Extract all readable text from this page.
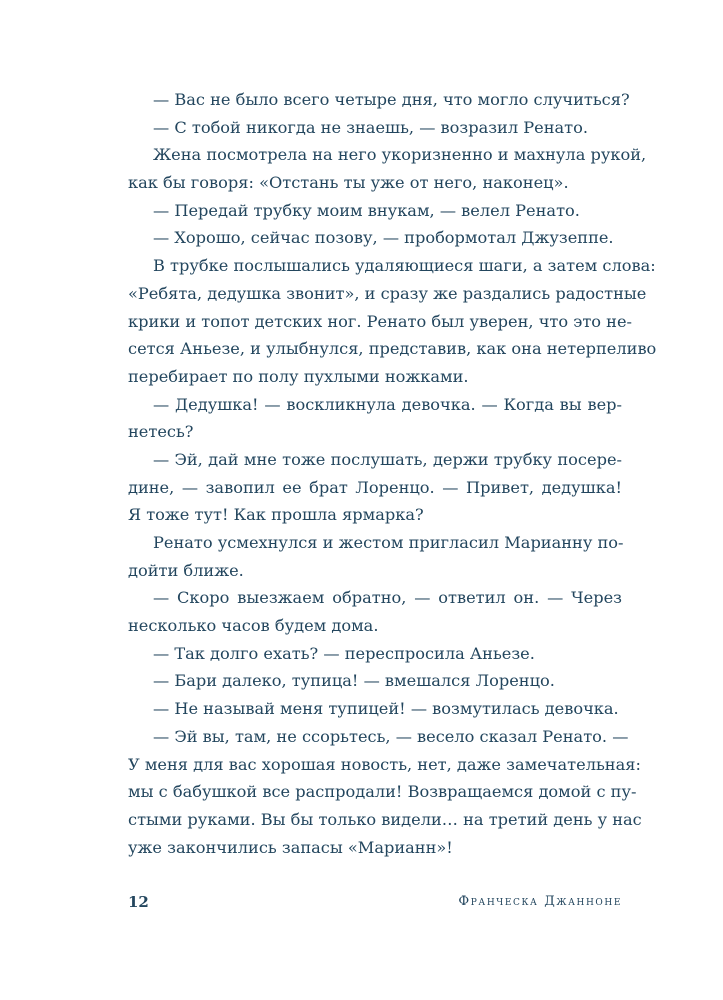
— Вас не было всего четыре дня, что могло случиться?
— С тобой никогда не знаешь, — возразил Ренато.
Жена посмотрела на него укоризненно и махнула рукой,
как бы говоря: «Отстань ты уже от него, наконец».
— Передай трубку моим внукам, — велел Ренато.
— Хорошо, сейчас позову, — пробормотал Джузеппе.
В трубке послышались удаляющиеся шаги, а затем слова:
«Ребята, дедушка звонит», и сразу же раздались радостные
крики и топот детских ног. Ренато был уверен, что это не-
сется Аньезе, и улыбнулся, представив, как она нетерпеливо
перебирает по полу пухлыми ножками.
— Дедушка! — воскликнула девочка. — Когда вы вер-
нетесь?
— Эй, дай мне тоже послушать, держи трубку посере-
дине, — завопил ее брат Лоренцо. — Привет, дедушка!
Я тоже тут! Как прошла ярмарка?
Ренато усмехнулся и жестом пригласил Марианну по-
дойти ближе.
— Скоро выезжаем обратно, — ответил он. — Через
несколько часов будем дома.
— Так долго ехать? — переспросила Аньезе.
— Бари далеко, тупица! — вмешался Лоренцо.
— Не называй меня тупицей! — возмутилась девочка.
— Эй вы, там, не ссорьтесь, — весело сказал Ренато. —
У меня для вас хорошая новость, нет, даже замечательная:
мы с бабушкой все распродали! Возвращаемся домой с пу-
стыми руками. Вы бы только видели… на третий день у нас
уже закончились запасы «Марианн»!
12	Франческа Джанноне
